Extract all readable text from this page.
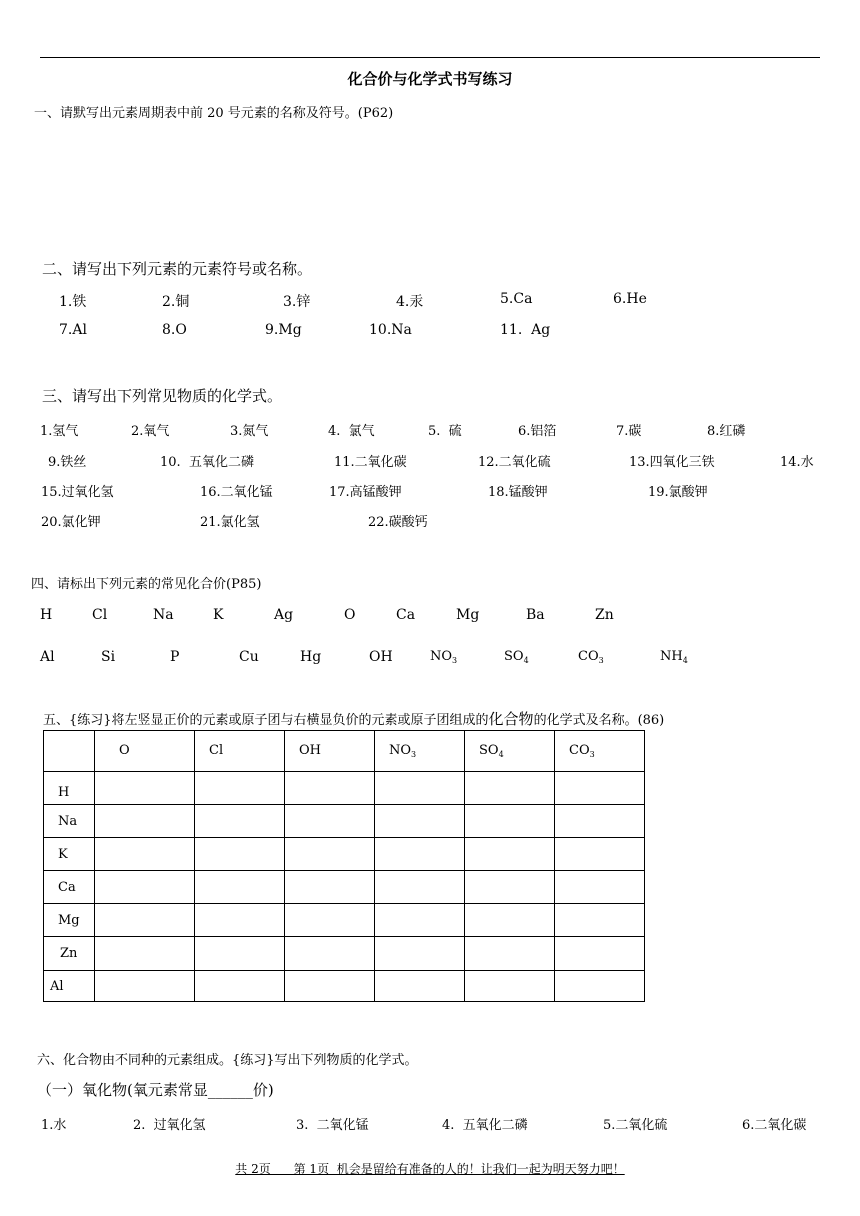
化合价与化学式书写练习
一、请默写出元素周期表中前 20 号元素的名称及符号。(P62)
二、请写出下列元素的元素符号或名称。
1.铁	2.铜	3.锌	4.汞	5.Ca	6.He
7.Al	8.O	9.Mg	10.Na	11.  Ag
三、请写出下列常见物质的化学式。
1.氢气	2.氧气	3.氮气	4.  氯气	5.  硫	6.铝箔	7.碳	8.红磷
9.铁丝	10.  五氧化二磷	11.二氧化碳	12.二氧化硫	13.四氧化三铁	14.水
15.过氧化氢	16.二氧化锰	17.高锰酸钾	18.锰酸钾	19.氯酸钾
20.氯化钾	21.氯化氢	22.碳酸钙
四、请标出下列元素的常见化合价(P85)
H	Cl	Na	K	Ag	O	Ca	Mg	Ba	Zn
Al	Si	P	Cu	Hg	OH	$NO_3$	$SO_4$	$CO_3$	$NH_4$
五、{练习}将左竖显正价的元素或原子团与右横显负价的元素或原子团组成的化合物的化学式及名称。(86)
	O	Cl	OH	$NO_3$	$SO_4$	$CO_3$
H						
Na						
K						
Ca						
Mg						
Zn						
Al						
六、化合物由不同种的元素组成。{练习}写出下列物质的化学式。
（一）氧化物(氧元素常显______价)
1.水	2.  过氧化氢	3.  二氧化锰	4.  五氧化二磷	5.二氧化硫	6.二氧化碳
共 2页      第 1页  机会是留给有准备的人的！让我们一起为明天努力吧！
